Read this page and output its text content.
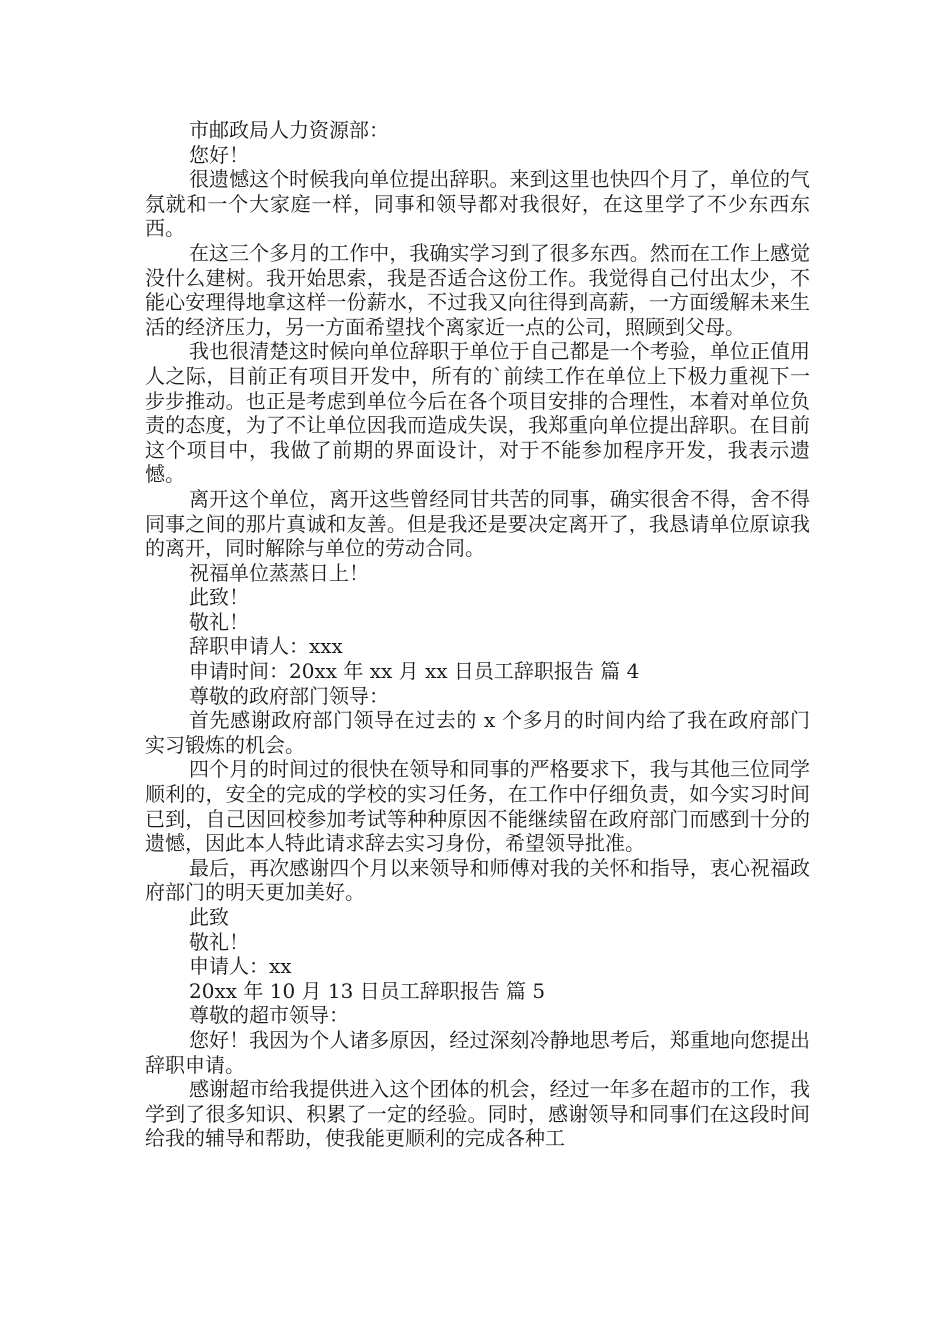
市邮政局人力资源部：

您好！

很遗憾这个时候我向单位提出辞职。来到这里也快四个月了，单位的气氛就和一个大家庭一样，同事和领导都对我很好，在这里学了不少东西东西。

在这三个多月的工作中，我确实学习到了很多东西。然而在工作上感觉没什么建树。我开始思索，我是否适合这份工作。我觉得自己付出太少，不能心安理得地拿这样一份薪水，不过我又向往得到高薪，一方面缓解未来生活的经济压力，另一方面希望找个离家近一点的公司，照顾到父母。

我也很清楚这时候向单位辞职于单位于自己都是一个考验，单位正值用人之际，目前正有项目开发中，所有的`前续工作在单位上下极力重视下一步步推动。也正是考虑到单位今后在各个项目安排的合理性，本着对单位负责的态度，为了不让单位因我而造成失误，我郑重向单位提出辞职。在目前这个项目中，我做了前期的界面设计，对于不能参加程序开发，我表示遗憾。

离开这个单位，离开这些曾经同甘共苦的同事，确实很舍不得，舍不得同事之间的那片真诚和友善。但是我还是要决定离开了，我恳请单位原谅我的离开，同时解除与单位的劳动合同。

祝福单位蒸蒸日上！

此致！

敬礼！

辞职申请人：xxx

申请时间：20xx 年 xx 月 xx 日员工辞职报告 篇 4

尊敬的政府部门领导：

首先感谢政府部门领导在过去的 x 个多月的时间内给了我在政府部门实习锻炼的机会。

四个月的时间过的很快在领导和同事的严格要求下，我与其他三位同学顺利的，安全的完成的学校的实习任务，在工作中仔细负责，如今实习时间已到，自己因回校参加考试等种种原因不能继续留在政府部门而感到十分的遗憾，因此本人特此请求辞去实习身份，希望领导批准。

最后，再次感谢四个月以来领导和师傅对我的关怀和指导，衷心祝福政府部门的明天更加美好。

此致

敬礼！

申请人：xx

20xx 年 10 月 13 日员工辞职报告 篇 5

尊敬的超市领导：

您好！我因为个人诸多原因，经过深刻冷静地思考后，郑重地向您提出辞职申请。

感谢超市给我提供进入这个团体的机会，经过一年多在超市的工作，我学到了很多知识、积累了一定的经验。同时，感谢领导和同事们在这段时间给我的辅导和帮助，使我能更顺利的完成各种工
